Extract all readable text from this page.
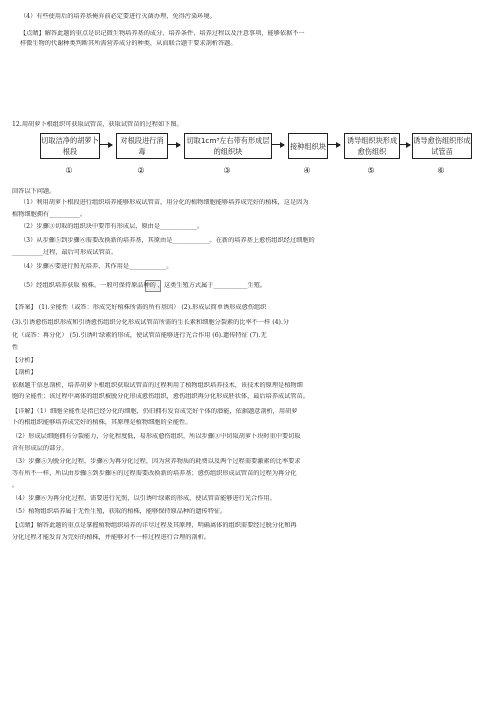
（4）有些使用后的培养基掩弃前必定要进行灭菌办理，免得污染环境。
【点睛】解答此题的重点是识记微生物培养基的成分、培养条件、培养过程以及注意事项，能够依据不一
样微生物的代谢种类判断其所需营养成分的种类，从而联合题干要求剖析答题。
12.用胡萝卜根组织可获取试管苗，获取试管苗的过程如下图。
切取洁净的胡萝卜根段
对根段进行消毒
切取1cm³左右带有形成层的组织块
接种组织块
诱导组织块形成愈伤组织
诱导愈伤组织形成试管苗
①	②	③	④	⑤	⑥
回答以下问题。
（1）利用胡萝卜根段进行组织培养能够形成试管苗，用分化的植物细胞能够培养成完好的植株，这是因为
植物细胞拥有__________。
（2）步骤③切取的组织块中要带有形成层，原由是____________。
（3）从步骤⑤到步骤⑥需要改换新的培养基，其原由是____________。在新的培养基上愈伤组织经过细胞的
__________过程，最后可形成试管苗。
（4）步骤⑥要进行照光培养，其作用是____________。
（5）经组织培养获取 植株，一般可保持原品种的 ，这类生殖方式属于___________生殖。
【答案】 (1).全能性（或答：形成完好植株所需的所有基因） (2).形成层简单诱形成愈伤组织
(3).引诱愈伤组织形成和引诱愈伤组织分化形成试管苗所需的生长素和细胞分裂素的比率不一样 (4).分
化（或答：再分化） (5).引诱叶绿素的形成，使试管苗能够进行光合作用 (6).遗传特征 (7).无
性
【分析】
【剖析】
依据题干信息剖析，培养胡萝卜根组织获取试管苗的过程利用了植物组织培养技术，该技术的原理是植物细
胞的全能性；该过程中离体的组织被脱分化形成愈伤组织，愈伤组织再分化形成胚状体，最后培养成试管苗。
【详解】（1）细胞全能性是指已经分化的细胞，仍旧拥有发育成完好个体的潜能，依据题意剖析，用胡萝
卜的根组织能够培养成完好的植株，其原理是植物细胞的全能性。
（2）形成层细胞拥有分裂能力，分化程度低，易形成愈伤组织，所以步骤③中切取胡萝卜块时重中要切取
含有形成层的部分。
（3）步骤⑤为脱分化过程，步骤⑥为再分化过程，因为营养物质的耗费以及两个过程需要激素的比率要求
等有所不一样，所以由步骤⑤到步骤⑥的过程需要改换新的培养基；愈伤组织形成试管苗的过程为再分化
。
（4）步骤⑥为再分化过程，需要进行光照，以引诱叶绿素的形成，使试管苗能够进行光合作用。
（5）植物组织培养属于无性生殖，获取的植株，能够保持原品种的遗传特征。
【点睛】解答此题的重点是掌握植物组织培养的详尽过程及其原理，明确离体的组织需要经过脱分化和再
分化过程才能发育为完好的植株，并能够对不一样过程进行合理的剖析。
